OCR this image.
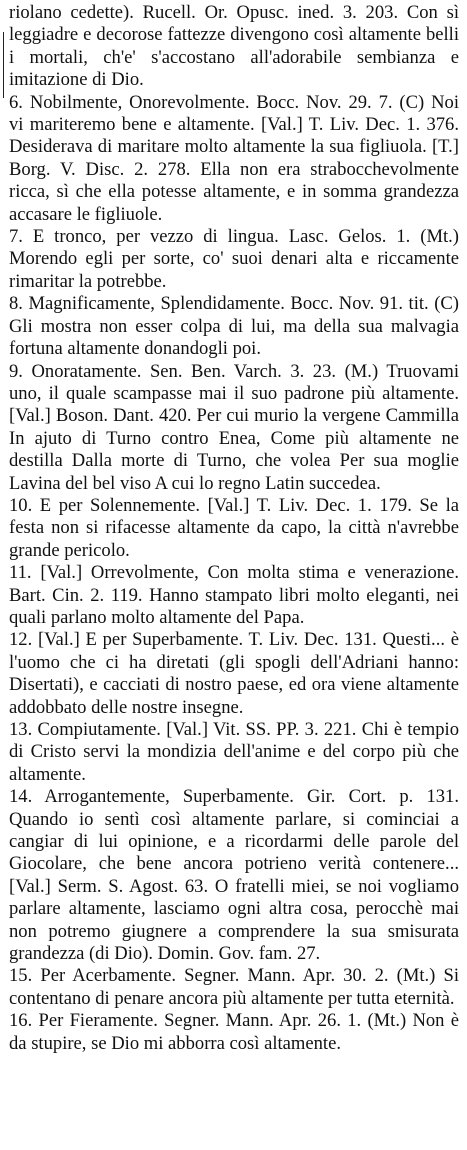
riolano cedette). Rucell. Or. Opusc. ined. 3. 203. Con sì leggiadre e decorose fattezze divengono così altamente belli i mortali, ch'e' s'accostano all'adorabile sembianza e imitazione di Dio.

6. Nobilmente, Onorevolmente. Bocc. Nov. 29. 7. (C) Noi vi mariteremo bene e altamente. [Val.] T. Liv. Dec. 1. 376. Desiderava di maritare molto altamente la sua figliuola. [T.] Borg. V. Disc. 2. 278. Ella non era strabocchevolmente ricca, sì che ella potesse altamente, e in somma grandezza accasare le figliuole.

7. E tronco, per vezzo di lingua. Lasc. Gelos. 1. (Mt.) Morendo egli per sorte, co' suoi denari alta e riccamente rimaritar la potrebbe.

8. Magnificamente, Splendidamente. Bocc. Nov. 91. tit. (C) Gli mostra non esser colpa di lui, ma della sua malvagia fortuna altamente donandogli poi.

9. Onoratamente. Sen. Ben. Varch. 3. 23. (M.) Truovami uno, il quale scampasse mai il suo padrone più altamente. [Val.] Boson. Dant. 420. Per cui murio la vergene Cammilla In ajuto di Turno contro Enea, Come più altamente ne destilla Dalla morte di Turno, che volea Per sua moglie Lavina del bel viso A cui lo regno Latin succedea.

10. E per Solennemente. [Val.] T. Liv. Dec. 1. 179. Se la festa non si rifacesse altamente da capo, la città n'avrebbe grande pericolo.

11. [Val.] Orrevolmente, Con molta stima e venerazione. Bart. Cin. 2. 119. Hanno stampato libri molto eleganti, nei quali parlano molto altamente del Papa.

12. [Val.] E per Superbamente. T. Liv. Dec. 131. Questi... è l'uomo che ci ha diretati (gli spogli dell'Adriani hanno: Disertati), e cacciati di nostro paese, ed ora viene altamente addobbato delle nostre insegne.

13. Compiutamente. [Val.] Vit. SS. PP. 3. 221. Chi è tempio di Cristo servi la mondizia dell'anime e del corpo più che altamente.

14. Arrogantemente, Superbamente. Gir. Cort. p. 131. Quando io sentì così altamente parlare, si cominciai a cangiar di lui opinione, e a ricordarmi delle parole del Giocolare, che bene ancora potrieno verità contenere... [Val.] Serm. S. Agost. 63. O fratelli miei, se noi vogliamo parlare altamente, lasciamo ogni altra cosa, perocchè mai non potremo giugnere a comprendere la sua smisurata grandezza (di Dio). Domin. Gov. fam. 27.

15. Per Acerbamente. Segner. Mann. Apr. 30. 2. (Mt.) Si contentano di penare ancora più altamente per tutta eternità.

16. Per Fieramente. Segner. Mann. Apr. 26. 1. (Mt.) Non è da stupire, se Dio mi abborra così altamente.
